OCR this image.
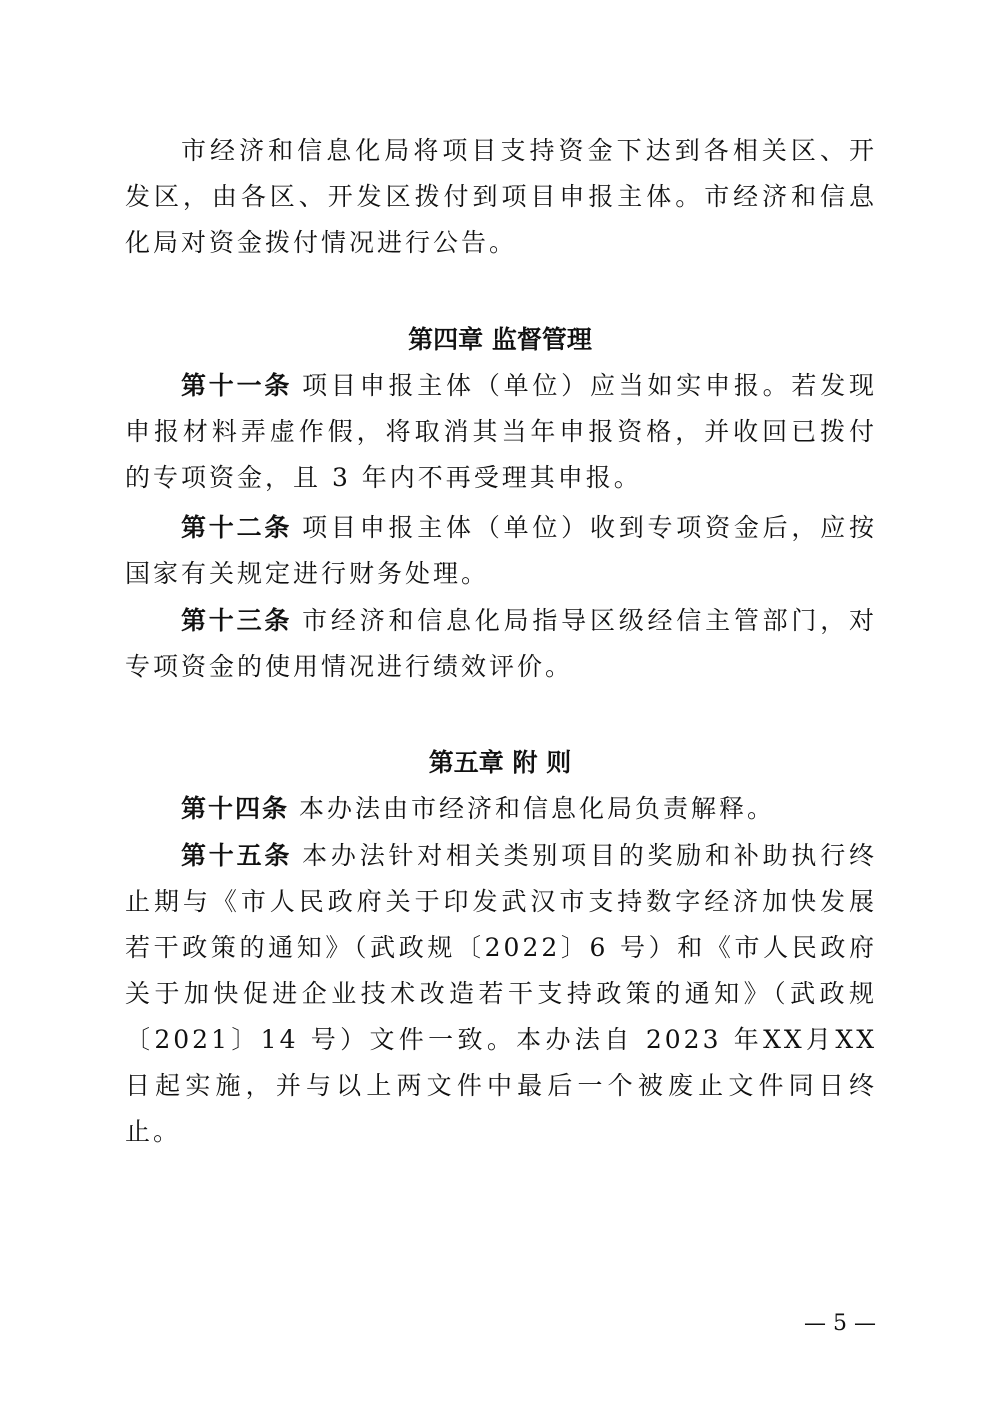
市经济和信息化局将项目支持资金下达到各相关区、开发区，由各区、开发区拨付到项目申报主体。市经济和信息化局对资金拨付情况进行公告。

第四章 监督管理

第十一条 项目申报主体（单位）应当如实申报。若发现申报材料弄虚作假，将取消其当年申报资格，并收回已拨付的专项资金，且 3 年内不再受理其申报。

第十二条 项目申报主体（单位）收到专项资金后，应按国家有关规定进行财务处理。

第十三条 市经济和信息化局指导区级经信主管部门，对专项资金的使用情况进行绩效评价。

第五章 附 则

第十四条 本办法由市经济和信息化局负责解释。

第十五条 本办法针对相关类别项目的奖励和补助执行终止期与《市人民政府关于印发武汉市支持数字经济加快发展若干政策的通知》（武政规〔2022〕6 号）和《市人民政府关于加快促进企业技术改造若干支持政策的通知》（武政规〔2021〕14 号）文件一致。本办法自 2023 年XX月XX日起实施，并与以上两文件中最后一个被废止文件同日终止。

— 5 —
